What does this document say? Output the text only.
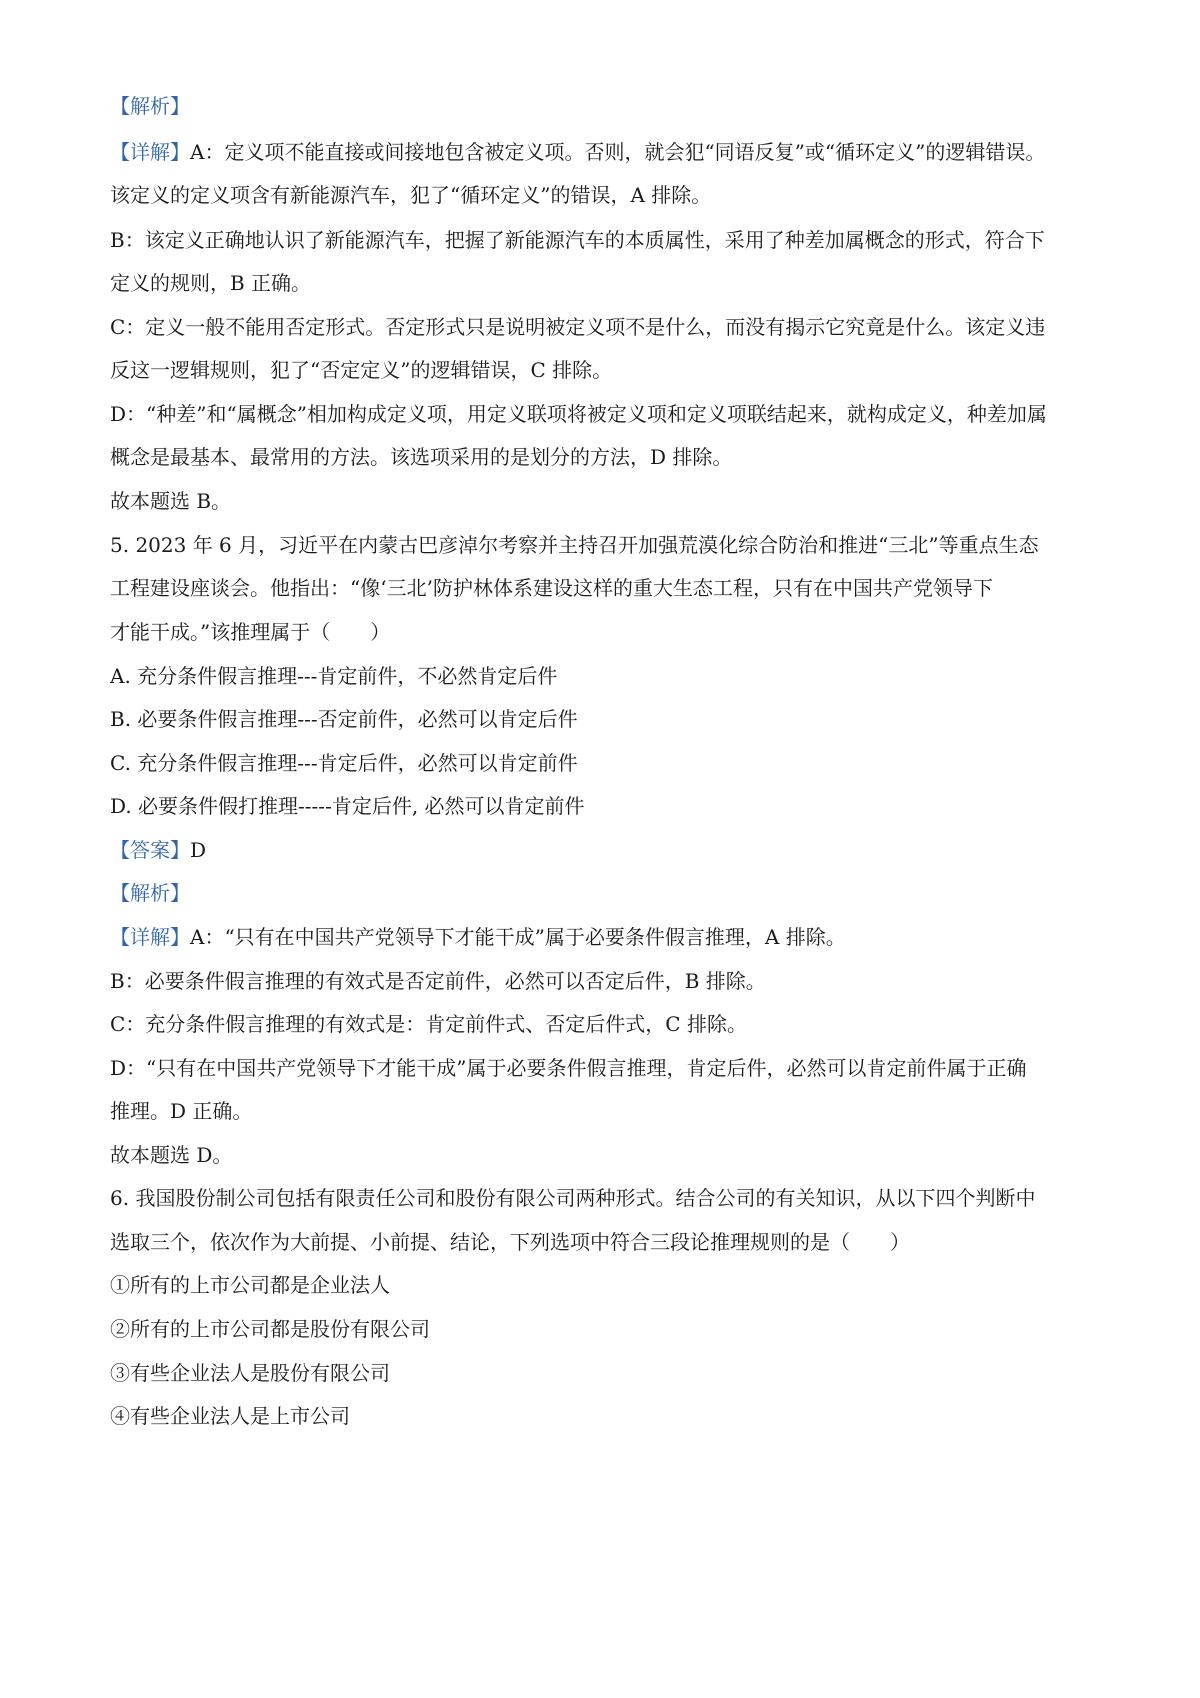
【解析】
【详解】A：定义项不能直接或间接地包含被定义项。否则，就会犯“同语反复”或“循环定义”的逻辑错误。
该定义的定义项含有新能源汽车，犯了“循环定义”的错误，A 排除。
B：该定义正确地认识了新能源汽车，把握了新能源汽车的本质属性，采用了种差加属概念的形式，符合下
定义的规则，B 正确。
C：定义一般不能用否定形式。否定形式只是说明被定义项不是什么，而没有揭示它究竟是什么。该定义违
反这一逻辑规则，犯了“否定定义”的逻辑错误，C 排除。
D：“种差”和“属概念”相加构成定义项，用定义联项将被定义项和定义项联结起来，就构成定义，种差加属
概念是最基本、最常用的方法。该选项采用的是划分的方法，D 排除。
故本题选 B。
5. 2023 年 6 月，习近平在内蒙古巴彦淖尔考察并主持召开加强荒漠化综合防治和推进“三北”等重点生态
工程建设座谈会。他指出：“像‘三北’防护林体系建设这样的重大生态工程，只有在中国共产党领导下
才能干成。”该推理属于（　　）
A. 充分条件假言推理---肯定前件，不必然肯定后件
B. 必要条件假言推理---否定前件，必然可以肯定后件
C. 充分条件假言推理---肯定后件，必然可以肯定前件
D. 必要条件假打推理-----肯定后件, 必然可以肯定前件
【答案】D
【解析】
【详解】A：“只有在中国共产党领导下才能干成”属于必要条件假言推理，A 排除。
B：必要条件假言推理的有效式是否定前件，必然可以否定后件，B 排除。
C：充分条件假言推理的有效式是：肯定前件式、否定后件式，C 排除。
D：“只有在中国共产党领导下才能干成”属于必要条件假言推理，肯定后件，必然可以肯定前件属于正确
推理。D 正确。
故本题选 D。
6. 我国股份制公司包括有限责任公司和股份有限公司两种形式。结合公司的有关知识，从以下四个判断中
选取三个，依次作为大前提、小前提、结论，下列选项中符合三段论推理规则的是（　　）
①所有的上市公司都是企业法人
②所有的上市公司都是股份有限公司
③有些企业法人是股份有限公司
④有些企业法人是上市公司
